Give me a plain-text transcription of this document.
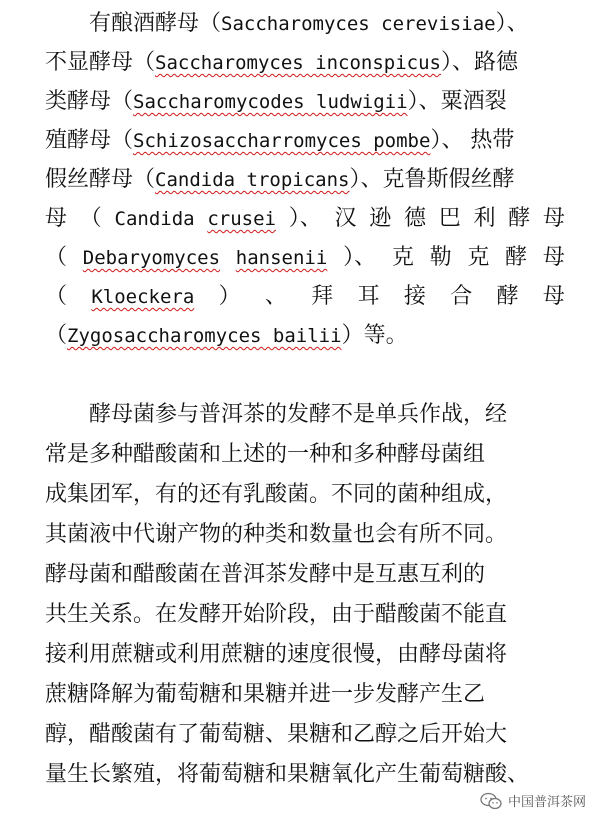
　　有酿酒酵母（Saccharomyces cerevisiae）、
不显酵母（Saccharomyces inconspicus）、路德
类酵母（Saccharomycodes ludwigii）、粟酒裂
殖酵母（Schizosaccharromyces pombe）、 热带
假丝酵母（Candida tropicans）、克鲁斯假丝酵
母 （ Candida crusei ）、 汉 逊 德 巴 利 酵 母
（ Debaryomyces hansenii ）、 克 勒 克 酵 母
（ Kloeckera ） 、 拜 耳 接 合 酵 母
（Zygosaccharomyces bailii）等。
　　酵母菌参与普洱茶的发酵不是单兵作战，经
常是多种醋酸菌和上述的一种和多种酵母菌组
成集团军，有的还有乳酸菌。不同的菌种组成，
其菌液中代谢产物的种类和数量也会有所不同。
酵母菌和醋酸菌在普洱茶发酵中是互惠互利的
共生关系。在发酵开始阶段，由于醋酸菌不能直
接利用蔗糖或利用蔗糖的速度很慢，由酵母菌将
蔗糖降解为葡萄糖和果糖并进一步发酵产生乙
醇，醋酸菌有了葡萄糖、果糖和乙醇之后开始大
量生长繁殖，将葡萄糖和果糖氧化产生葡萄糖酸、
中国普洱茶网
